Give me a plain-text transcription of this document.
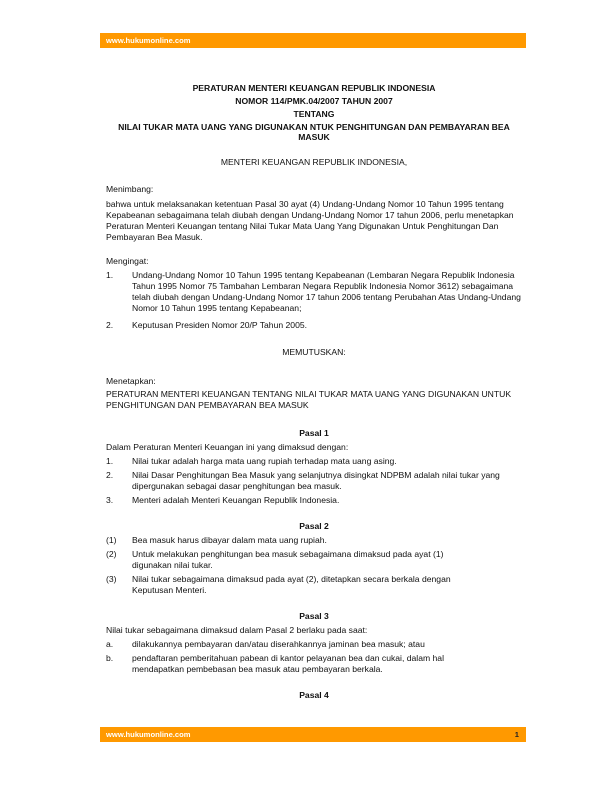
www.hukumonline.com
PERATURAN MENTERI KEUANGAN REPUBLIK INDONESIA
NOMOR 114/PMK.04/2007 TAHUN 2007
TENTANG
NILAI TUKAR MATA UANG YANG DIGUNAKAN NTUK PENGHITUNGAN DAN PEMBAYARAN BEA MASUK
MENTERI KEUANGAN REPUBLIK INDONESIA,
Menimbang:
bahwa untuk melaksanakan ketentuan Pasal 30 ayat (4) Undang-Undang Nomor 10 Tahun 1995 tentang Kepabeanan sebagaimana telah diubah dengan Undang-Undang Nomor 17 tahun 2006, perlu menetapkan Peraturan Menteri Keuangan tentang Nilai Tukar Mata Uang Yang Digunakan Untuk Penghitungan Dan Pembayaran Bea Masuk.
Mengingat:
1. Undang-Undang Nomor 10 Tahun 1995 tentang Kepabeanan (Lembaran Negara Republik Indonesia Tahun 1995 Nomor 75 Tambahan Lembaran Negara Republik Indonesia Nomor 3612) sebagaimana telah diubah dengan Undang-Undang Nomor 17 tahun 2006 tentang Perubahan Atas Undang-Undang Nomor 10 Tahun 1995 tentang Kepabeanan;
2. Keputusan Presiden Nomor 20/P Tahun 2005.
MEMUTUSKAN:
Menetapkan:
PERATURAN MENTERI KEUANGAN TENTANG NILAI TUKAR MATA UANG YANG DIGUNAKAN UNTUK PENGHITUNGAN DAN PEMBAYARAN BEA MASUK
Pasal 1
Dalam Peraturan Menteri Keuangan ini yang dimaksud dengan:
1. Nilai tukar adalah harga mata uang rupiah terhadap mata uang asing.
2. Nilai Dasar Penghitungan Bea Masuk yang selanjutnya disingkat NDPBM adalah nilai tukar yang dipergunakan sebagai dasar penghitungan bea masuk.
3. Menteri adalah Menteri Keuangan Republik Indonesia.
Pasal 2
(1) Bea masuk harus dibayar dalam mata uang rupiah.
(2) Untuk melakukan penghitungan bea masuk sebagaimana dimaksud pada ayat (1) digunakan nilai tukar.
(3) Nilai tukar sebagaimana dimaksud pada ayat (2), ditetapkan secara berkala dengan Keputusan Menteri.
Pasal 3
Nilai tukar sebagaimana dimaksud dalam Pasal 2 berlaku pada saat:
a. dilakukannya pembayaran dan/atau diserahkannya jaminan bea masuk; atau
b. pendaftaran pemberitahuan pabean di kantor pelayanan bea dan cukai, dalam hal mendapatkan pembebasan bea masuk atau pembayaran berkala.
Pasal 4
www.hukumonline.com	1
